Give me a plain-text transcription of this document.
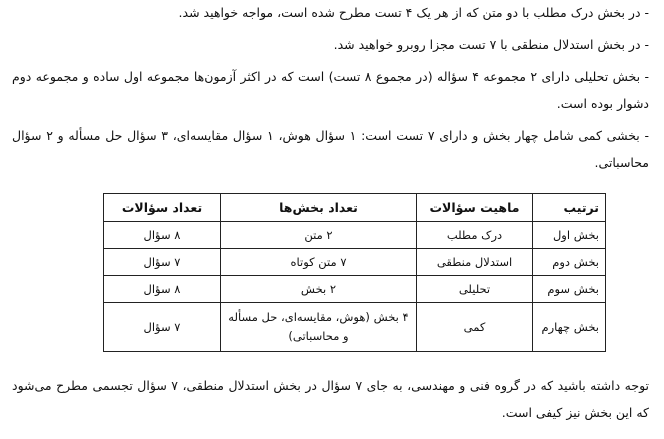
- در بخش درک مطلب با دو متن که از هر یک ۴ تست مطرح شده است، مواجه خواهید شد.

- در بخش استدلال منطقی با ۷ تست مجزا روبرو خواهید شد.

- بخش تحلیلی دارای ۲ مجموعه ۴ سؤاله (در مجموع ۸ تست) است که در اکثر آزمون‌ها مجموعه اول ساده و مجموعه دوم دشوار بوده است.

- بخشی کمی شامل چهار بخش و دارای ۷ تست است: ۱ سؤال هوش، ۱ سؤال مقایسه‌ای، ۳ سؤال حل مسأله و ۲ سؤال محاسباتی.

ترتیب	ماهیت سؤالات	تعداد بخش‌ها	تعداد سؤالات
بخش اول	درک مطلب	۲ متن	۸ سؤال
بخش دوم	استدلال منطقی	۷ متن کوتاه	۷ سؤال
بخش سوم	تحلیلی	۲ بخش	۸ سؤال
بخش چهارم	کمی	۴ بخش (هوش، مقایسه‌ای، حل مسأله و محاسباتی)	۷ سؤال

توجه داشته باشید که در گروه فنی و مهندسی، به جای ۷ سؤال در بخش استدلال منطقی، ۷ سؤال تجسمی مطرح می‌شود که این بخش نیز کیفی است.
